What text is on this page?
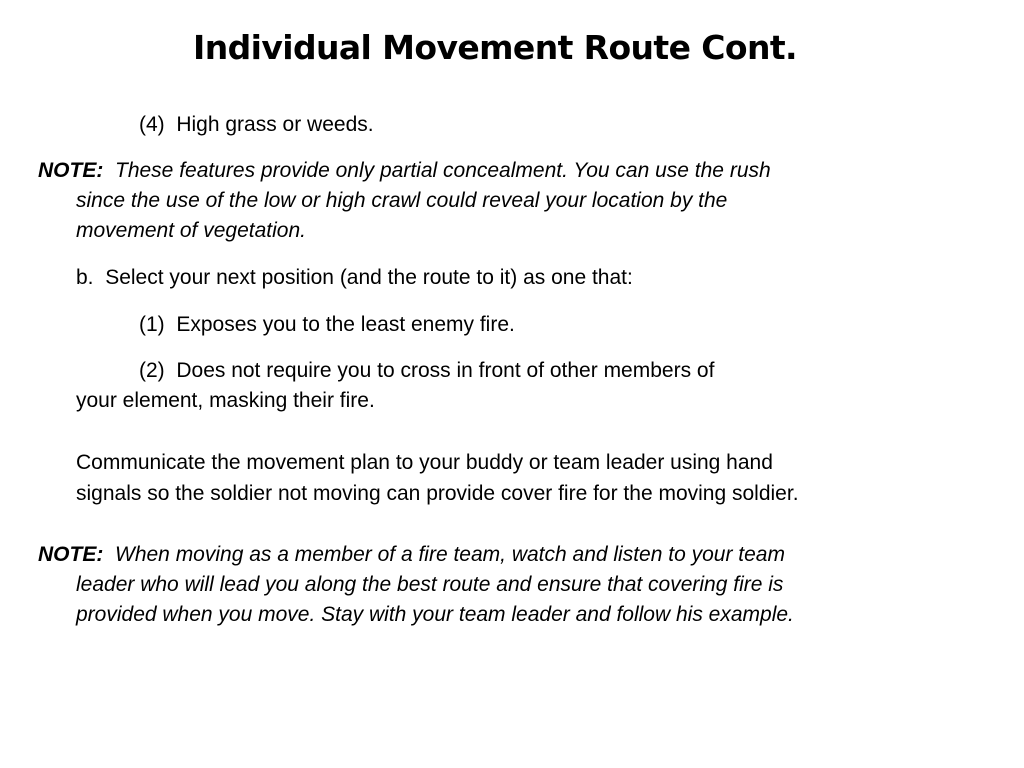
Individual Movement Route Cont.

(4) High grass or weeds.

NOTE: These features provide only partial concealment. You can use the rush

since the use of the low or high crawl could reveal your location by the

movement of vegetation.

b. Select your next position (and the route to it) as one that:

(1) Exposes you to the least enemy fire.

(2) Does not require you to cross in front of other members of

your element, masking their fire.

Communicate the movement plan to your buddy or team leader using hand

signals so the soldier not moving can provide cover fire for the moving soldier.

NOTE: When moving as a member of a fire team, watch and listen to your team

leader who will lead you along the best route and ensure that covering fire is

provided when you move. Stay with your team leader and follow his example.
